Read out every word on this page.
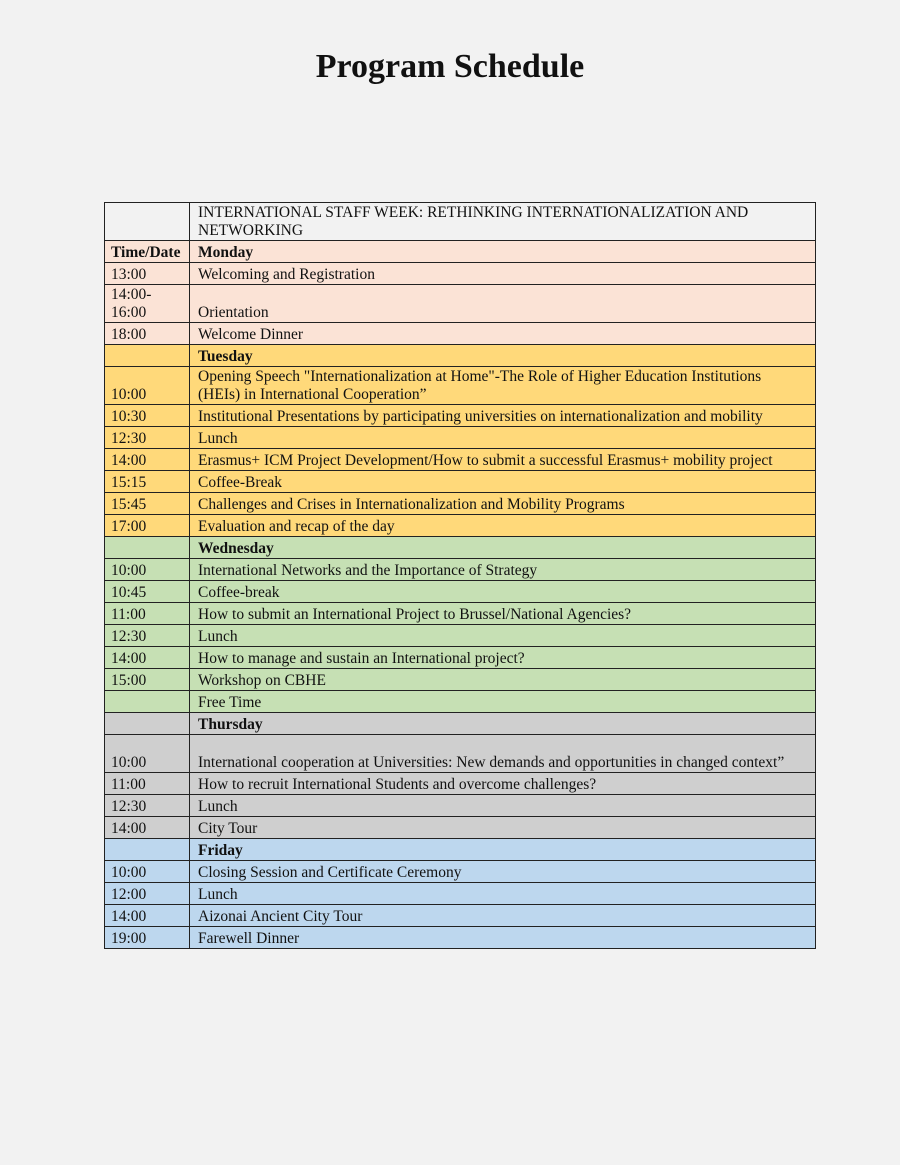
Program Schedule
	INTERNATIONAL STAFF WEEK: RETHINKING INTERNATIONALIZATION AND NETWORKING
Time/Date	Monday
13:00	Welcoming and Registration
14:00-16:00	Orientation
18:00	Welcome Dinner
	Tuesday
10:00	Opening Speech "Internationalization at Home"-The Role of Higher Education Institutions (HEIs) in International Cooperation”
10:30	Institutional Presentations by participating universities on internationalization and mobility
12:30	Lunch
14:00	Erasmus+ ICM Project Development/How to submit a successful Erasmus+ mobility project
15:15	Coffee-Break
15:45	Challenges and Crises in Internationalization and Mobility Programs
17:00	Evaluation and recap of the day
	Wednesday
10:00	International Networks and the Importance of Strategy
10:45	Coffee-break
11:00	How to submit an International Project to Brussel/National Agencies?
12:30	Lunch
14:00	How to manage and sustain an International project?
15:00	Workshop on CBHE
	Free Time
	Thursday
10:00	International cooperation at Universities: New demands and opportunities in changed context”
11:00	How to recruit International Students and overcome challenges?
12:30	Lunch
14:00	City Tour
	Friday
10:00	Closing Session and Certificate Ceremony
12:00	Lunch
14:00	Aizonai Ancient City Tour
19:00	Farewell Dinner
